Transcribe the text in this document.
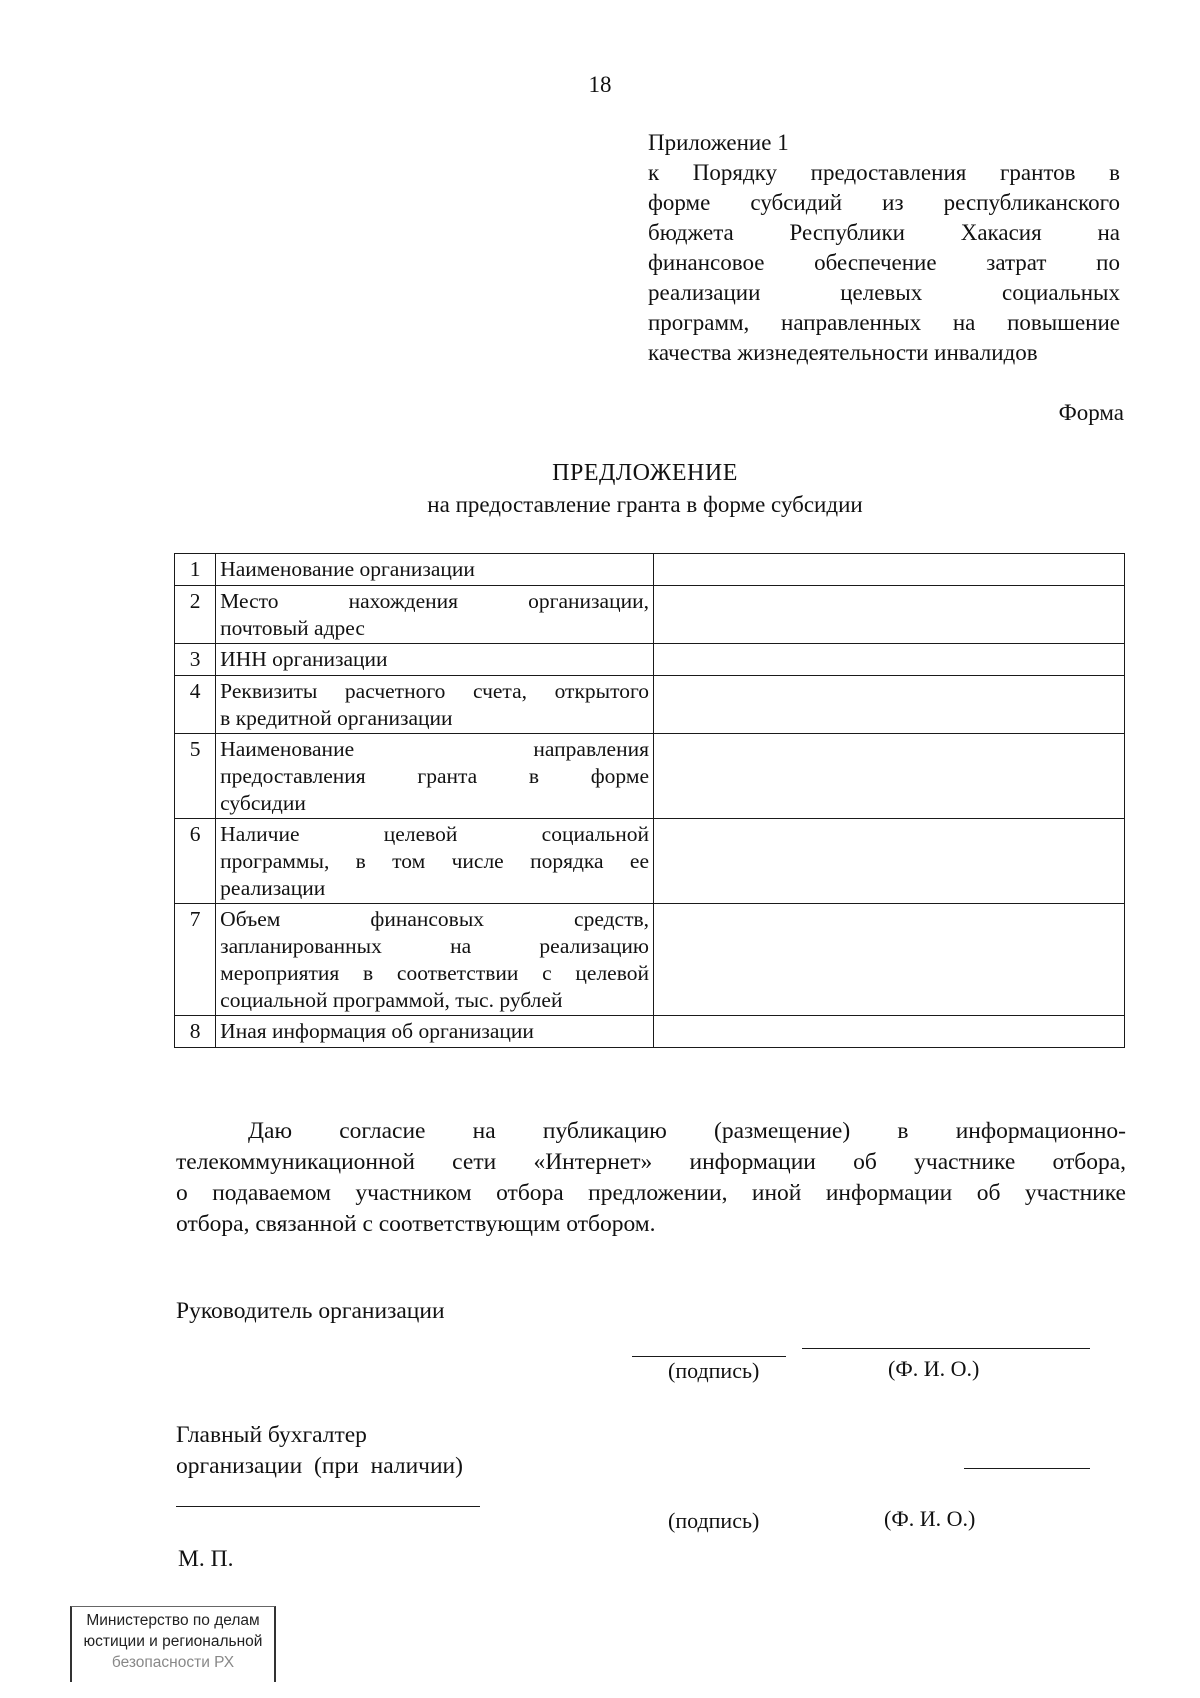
18
Приложение 1
к Порядку предоставления грантов в
форме субсидий из республиканского
бюджета Республики Хакасия на
финансовое обеспечение затрат по
реализации целевых социальных
программ, направленных на повышение
качества жизнедеятельности инвалидов
Форма
ПРЕДЛОЖЕНИЕ
на предоставление гранта в форме субсидии
1	Наименование организации	

2	Место нахождения организации,
почтовый адрес	

3	ИНН организации	

4	Реквизиты расчетного счета, открытого
в кредитной организации	

5	Наименование направления
предоставления гранта в форме
субсидии	

6	Наличие целевой социальной
программы, в том числе порядка ее
реализации	

7	Объем финансовых средств,
запланированных на реализацию
мероприятия в соответствии с целевой
социальной программой, тыс. рублей	

8	Иная информация об организации	

Даю согласие на публикацию (размещение) в информационно-
телекоммуникационной сети «Интернет» информации об участнике отбора,
о подаваемом участником отбора предложении, иной информации об участнике
отбора, связанной с соответствующим отбором.
Руководитель организации
(подпись)	(Ф. И. О.)
Главный бухгалтер
организации (при наличии)
(подпись)	(Ф. И. О.)
М. П.
Министерство по делам
юстиции и региональной
безопасности РХ
